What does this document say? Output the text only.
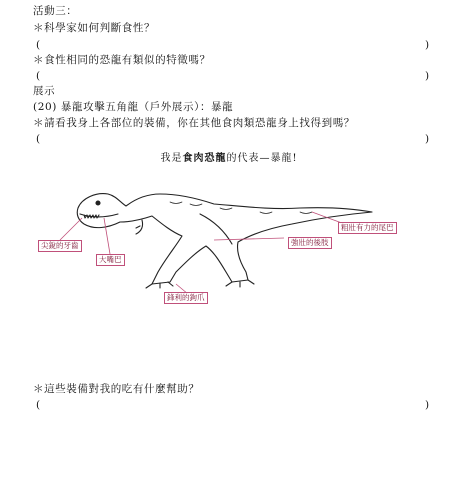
活動三：
＊科學家如何判斷食性？
(	)
＊食性相同的恐龍有類似的特徵嗎？
(	)
展示
(20) 暴龍攻擊五角龍（戶外展示）：暴龍
＊請看我身上各部位的裝備，你在其他食肉類恐龍身上找得到嗎？
(	)
我是食肉恐龍的代表—暴龍!
尖銳的牙齒
大嘴巴
粗壯有力的尾巴
強壯的後肢
鋒利的鉤爪
＊這些裝備對我的吃有什麼幫助？
(	)
